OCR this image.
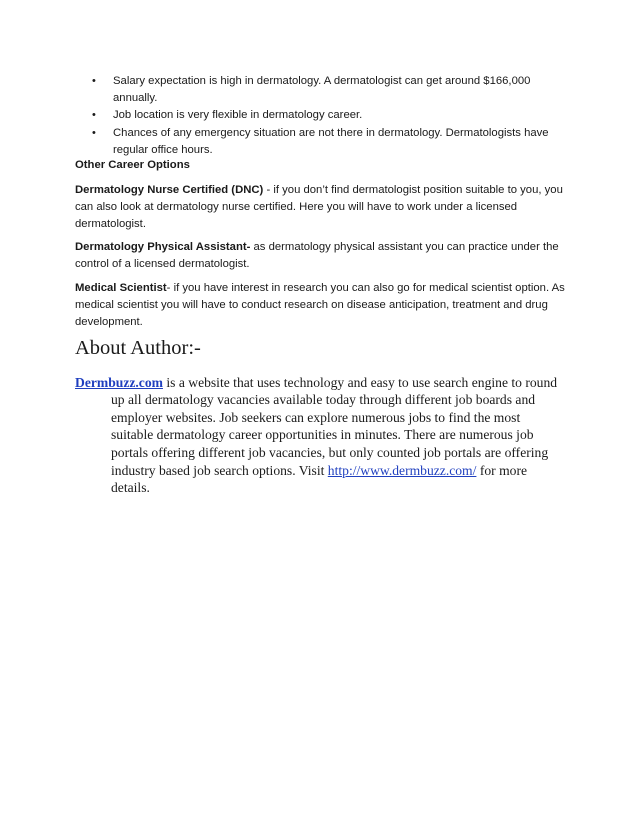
•	Salary expectation is high in dermatology. A dermatologist can get around $166,000 annually.
•	Job location is very flexible in dermatology career.
•	Chances of any emergency situation are not there in dermatology. Dermatologists have regular office hours.

Other Career Options

Dermatology Nurse Certified (DNC) - if you don’t find dermatologist position suitable to you, you can also look at dermatology nurse certified. Here you will have to work under a licensed dermatologist.

Dermatology Physical Assistant- as dermatology physical assistant you can practice under the control of a licensed dermatologist.

Medical Scientist- if you have interest in research you can also go for medical scientist option. As medical scientist you will have to conduct research on disease anticipation, treatment and drug development.

About Author:-

Dermbuzz.com is a website that uses technology and easy to use search engine to round up all dermatology vacancies available today through different job boards and employer websites. Job seekers can explore numerous jobs to find the most suitable dermatology career opportunities in minutes. There are numerous job portals offering different job vacancies, but only counted job portals are offering industry based job search options. Visit http://www.dermbuzz.com/ for more details.
